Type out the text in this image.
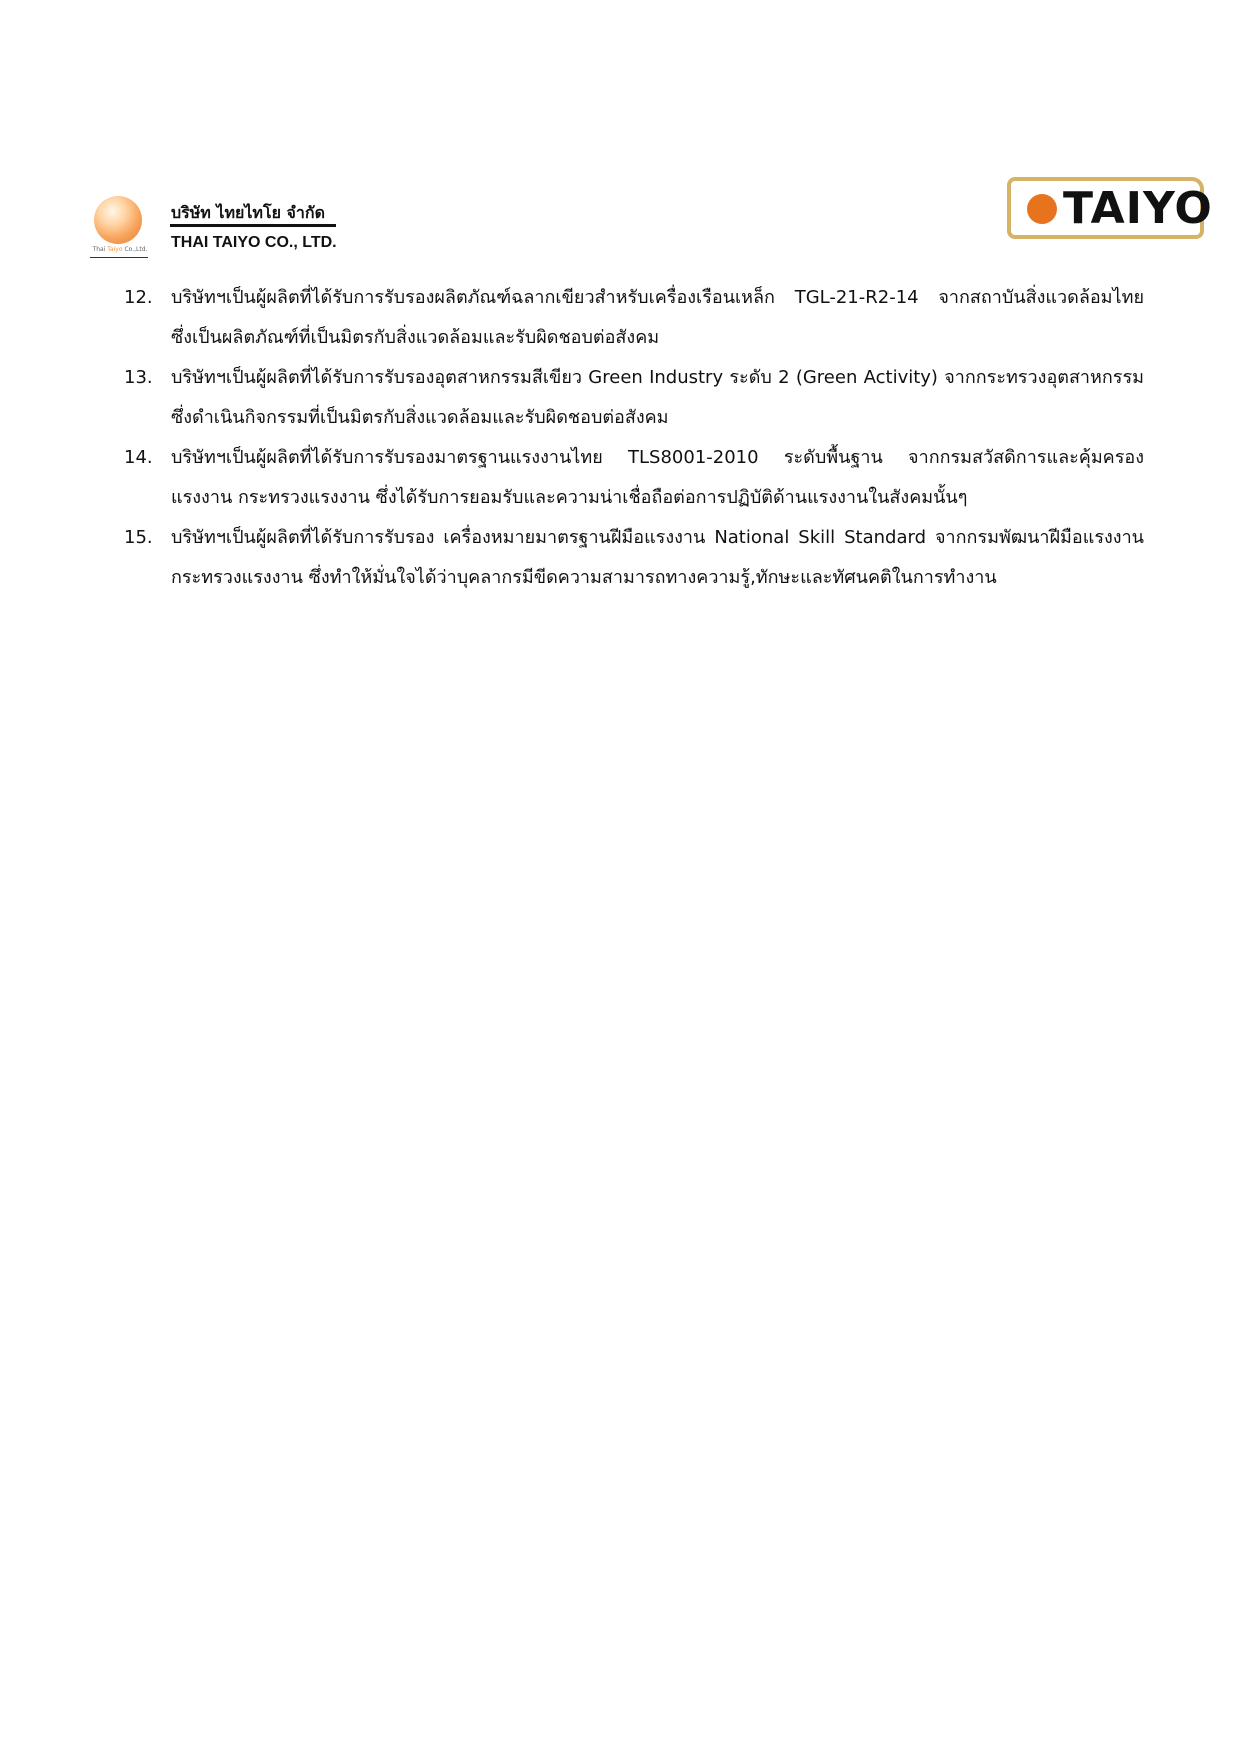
Thai Taiyo Co.,Ltd.
บริษัท ไทยไทโย จำกัด
THAI TAIYO CO., LTD.
TAIYO
12.	บริษัทฯเป็นผู้ผลิตที่ได้รับการรับรองผลิตภัณฑ์ฉลากเขียวสำหรับเครื่องเรือนเหล็ก TGL-21-R2-14 จากสถาบันสิ่งแวดล้อมไทย
ซึ่งเป็นผลิตภัณฑ์ที่เป็นมิตรกับสิ่งแวดล้อมและรับผิดชอบต่อสังคม
13.	บริษัทฯเป็นผู้ผลิตที่ได้รับการรับรองอุตสาหกรรมสีเขียว Green Industry ระดับ 2 (Green Activity) จากกระทรวงอุตสาหกรรม
ซึ่งดำเนินกิจกรรมที่เป็นมิตรกับสิ่งแวดล้อมและรับผิดชอบต่อสังคม
14.	บริษัทฯเป็นผู้ผลิตที่ได้รับการรับรองมาตรฐานแรงงานไทย TLS8001-2010 ระดับพื้นฐาน จากกรมสวัสดิการและคุ้มครอง
แรงงาน กระทรวงแรงงาน ซึ่งได้รับการยอมรับและความน่าเชื่อถือต่อการปฏิบัติด้านแรงงานในสังคมนั้นๆ
15.	บริษัทฯเป็นผู้ผลิตที่ได้รับการรับรอง เครื่องหมายมาตรฐานฝีมือแรงงาน National Skill Standard จากกรมพัฒนาฝีมือแรงงาน
กระทรวงแรงงาน ซึ่งทำให้มั่นใจได้ว่าบุคลากรมีขีดความสามารถทางความรู้,ทักษะและทัศนคติในการทำงาน
